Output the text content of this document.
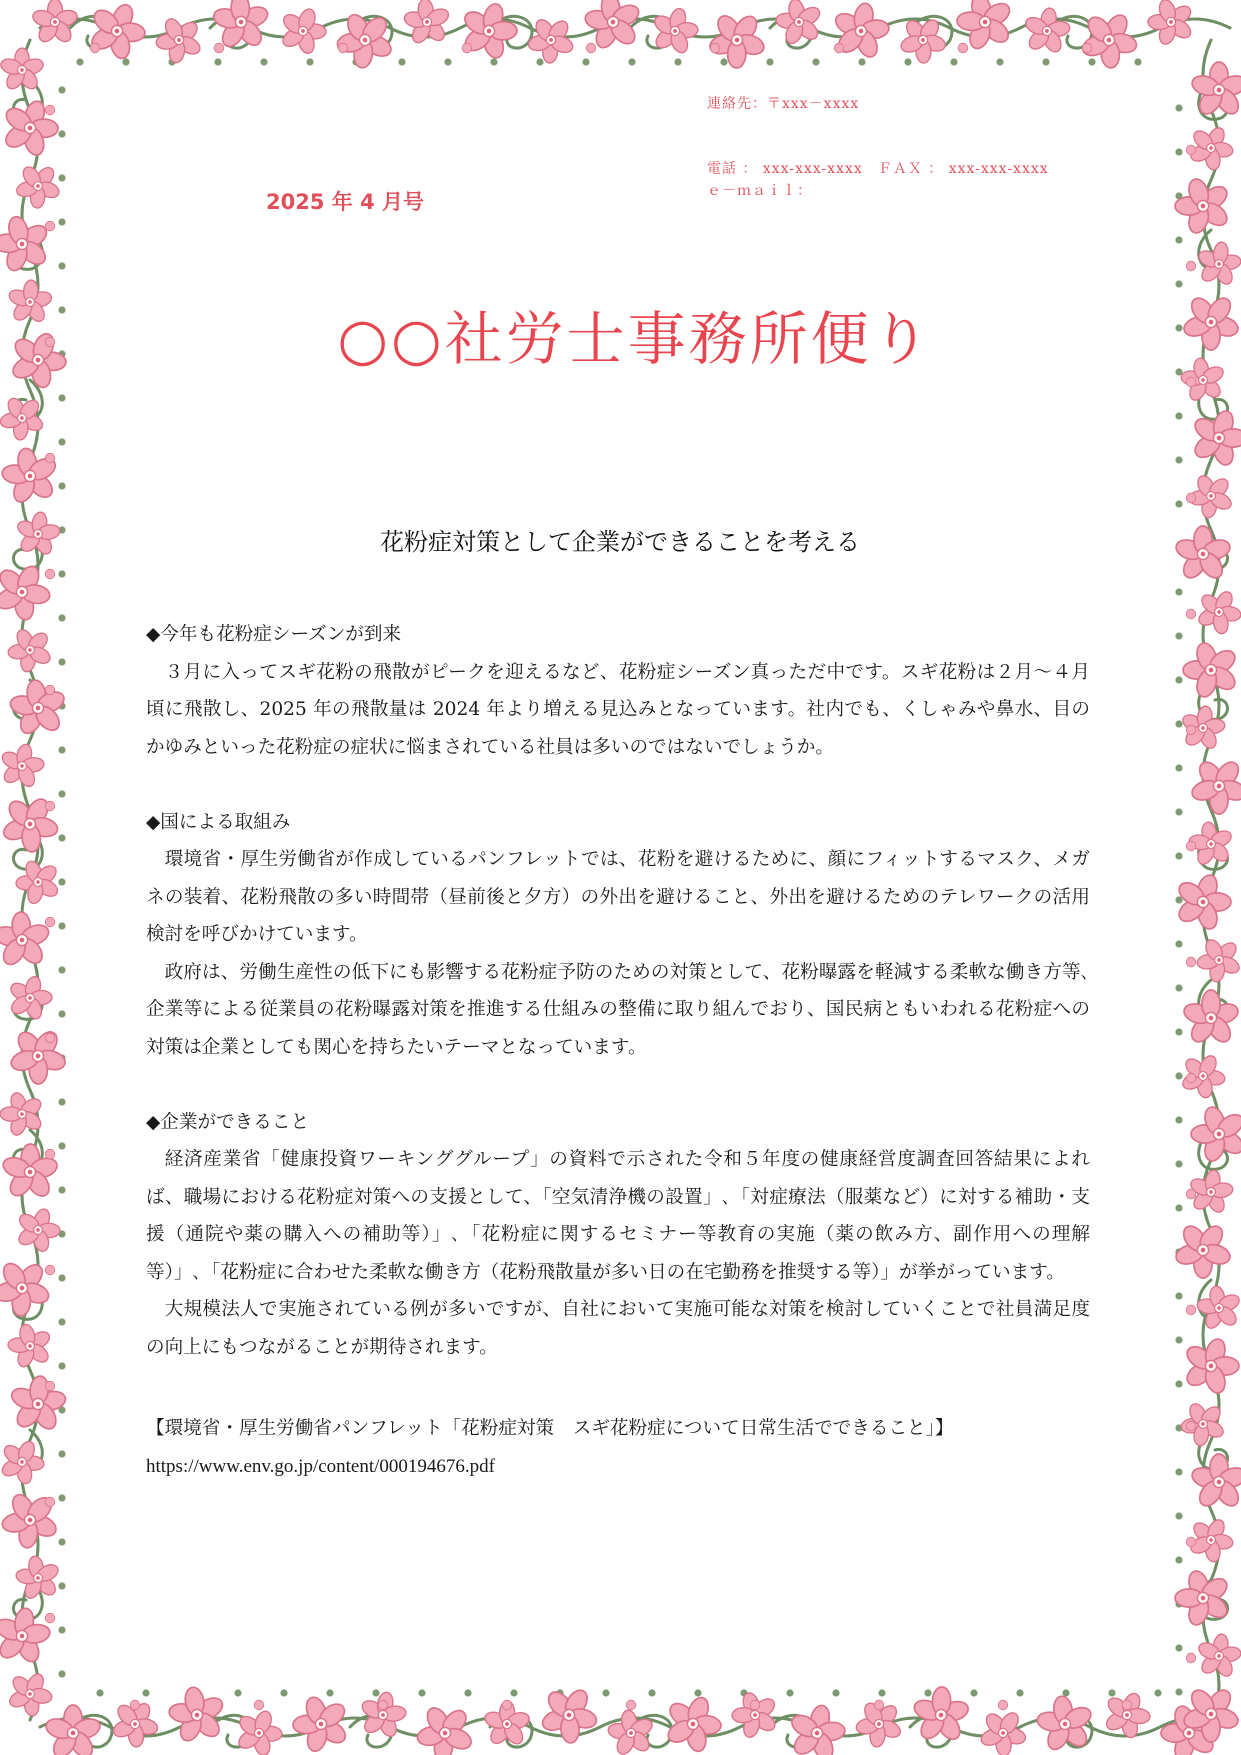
連絡先：〒xxx－xxxx
電話 ： xxx-xxx-xxxx　ＦＡＸ ： xxx-xxx-xxxx
ｅ－ｍａｉｌ：
2025 年 4 月号
○○社労士事務所便り
花粉症対策として企業ができることを考える

◆今年も花粉症シーズンが到来

３月に入ってスギ花粉の飛散がピークを迎えるなど、花粉症シーズン真っただ中です。スギ花粉は２月～４月頃に飛散し、2025 年の飛散量は 2024 年より増える見込みとなっています。社内でも、くしゃみや鼻水、目のかゆみといった花粉症の症状に悩まされている社員は多いのではないでしょうか。

◆国による取組み

環境省・厚生労働省が作成しているパンフレットでは、花粉を避けるために、顔にフィットするマスク、メガネの装着、花粉飛散の多い時間帯（昼前後と夕方）の外出を避けること、外出を避けるためのテレワークの活用検討を呼びかけています。

政府は、労働生産性の低下にも影響する花粉症予防のための対策として、花粉曝露を軽減する柔軟な働き方等､企業等による従業員の花粉曝露対策を推進する仕組みの整備に取り組んでおり、国民病ともいわれる花粉症への対策は企業としても関心を持ちたいテーマとなっています。

◆企業ができること

経済産業省「健康投資ワーキンググループ」の資料で示された令和５年度の健康経営度調査回答結果によれば、職場における花粉症対策への支援として、「空気清浄機の設置」､「対症療法（服薬など）に対する補助・支援（通院や薬の購入への補助等）」､「花粉症に関するセミナー等教育の実施（薬の飲み方、副作用への理解等）」､「花粉症に合わせた柔軟な働き方（花粉飛散量が多い日の在宅勤務を推奨する等）」が挙がっています。

大規模法人で実施されている例が多いですが、自社において実施可能な対策を検討していくことで社員満足度の向上にもつながることが期待されます。

【環境省・厚生労働省パンフレット「花粉症対策　スギ花粉症について日常生活でできること」】

https://www.env.go.jp/content/000194676.pdf
